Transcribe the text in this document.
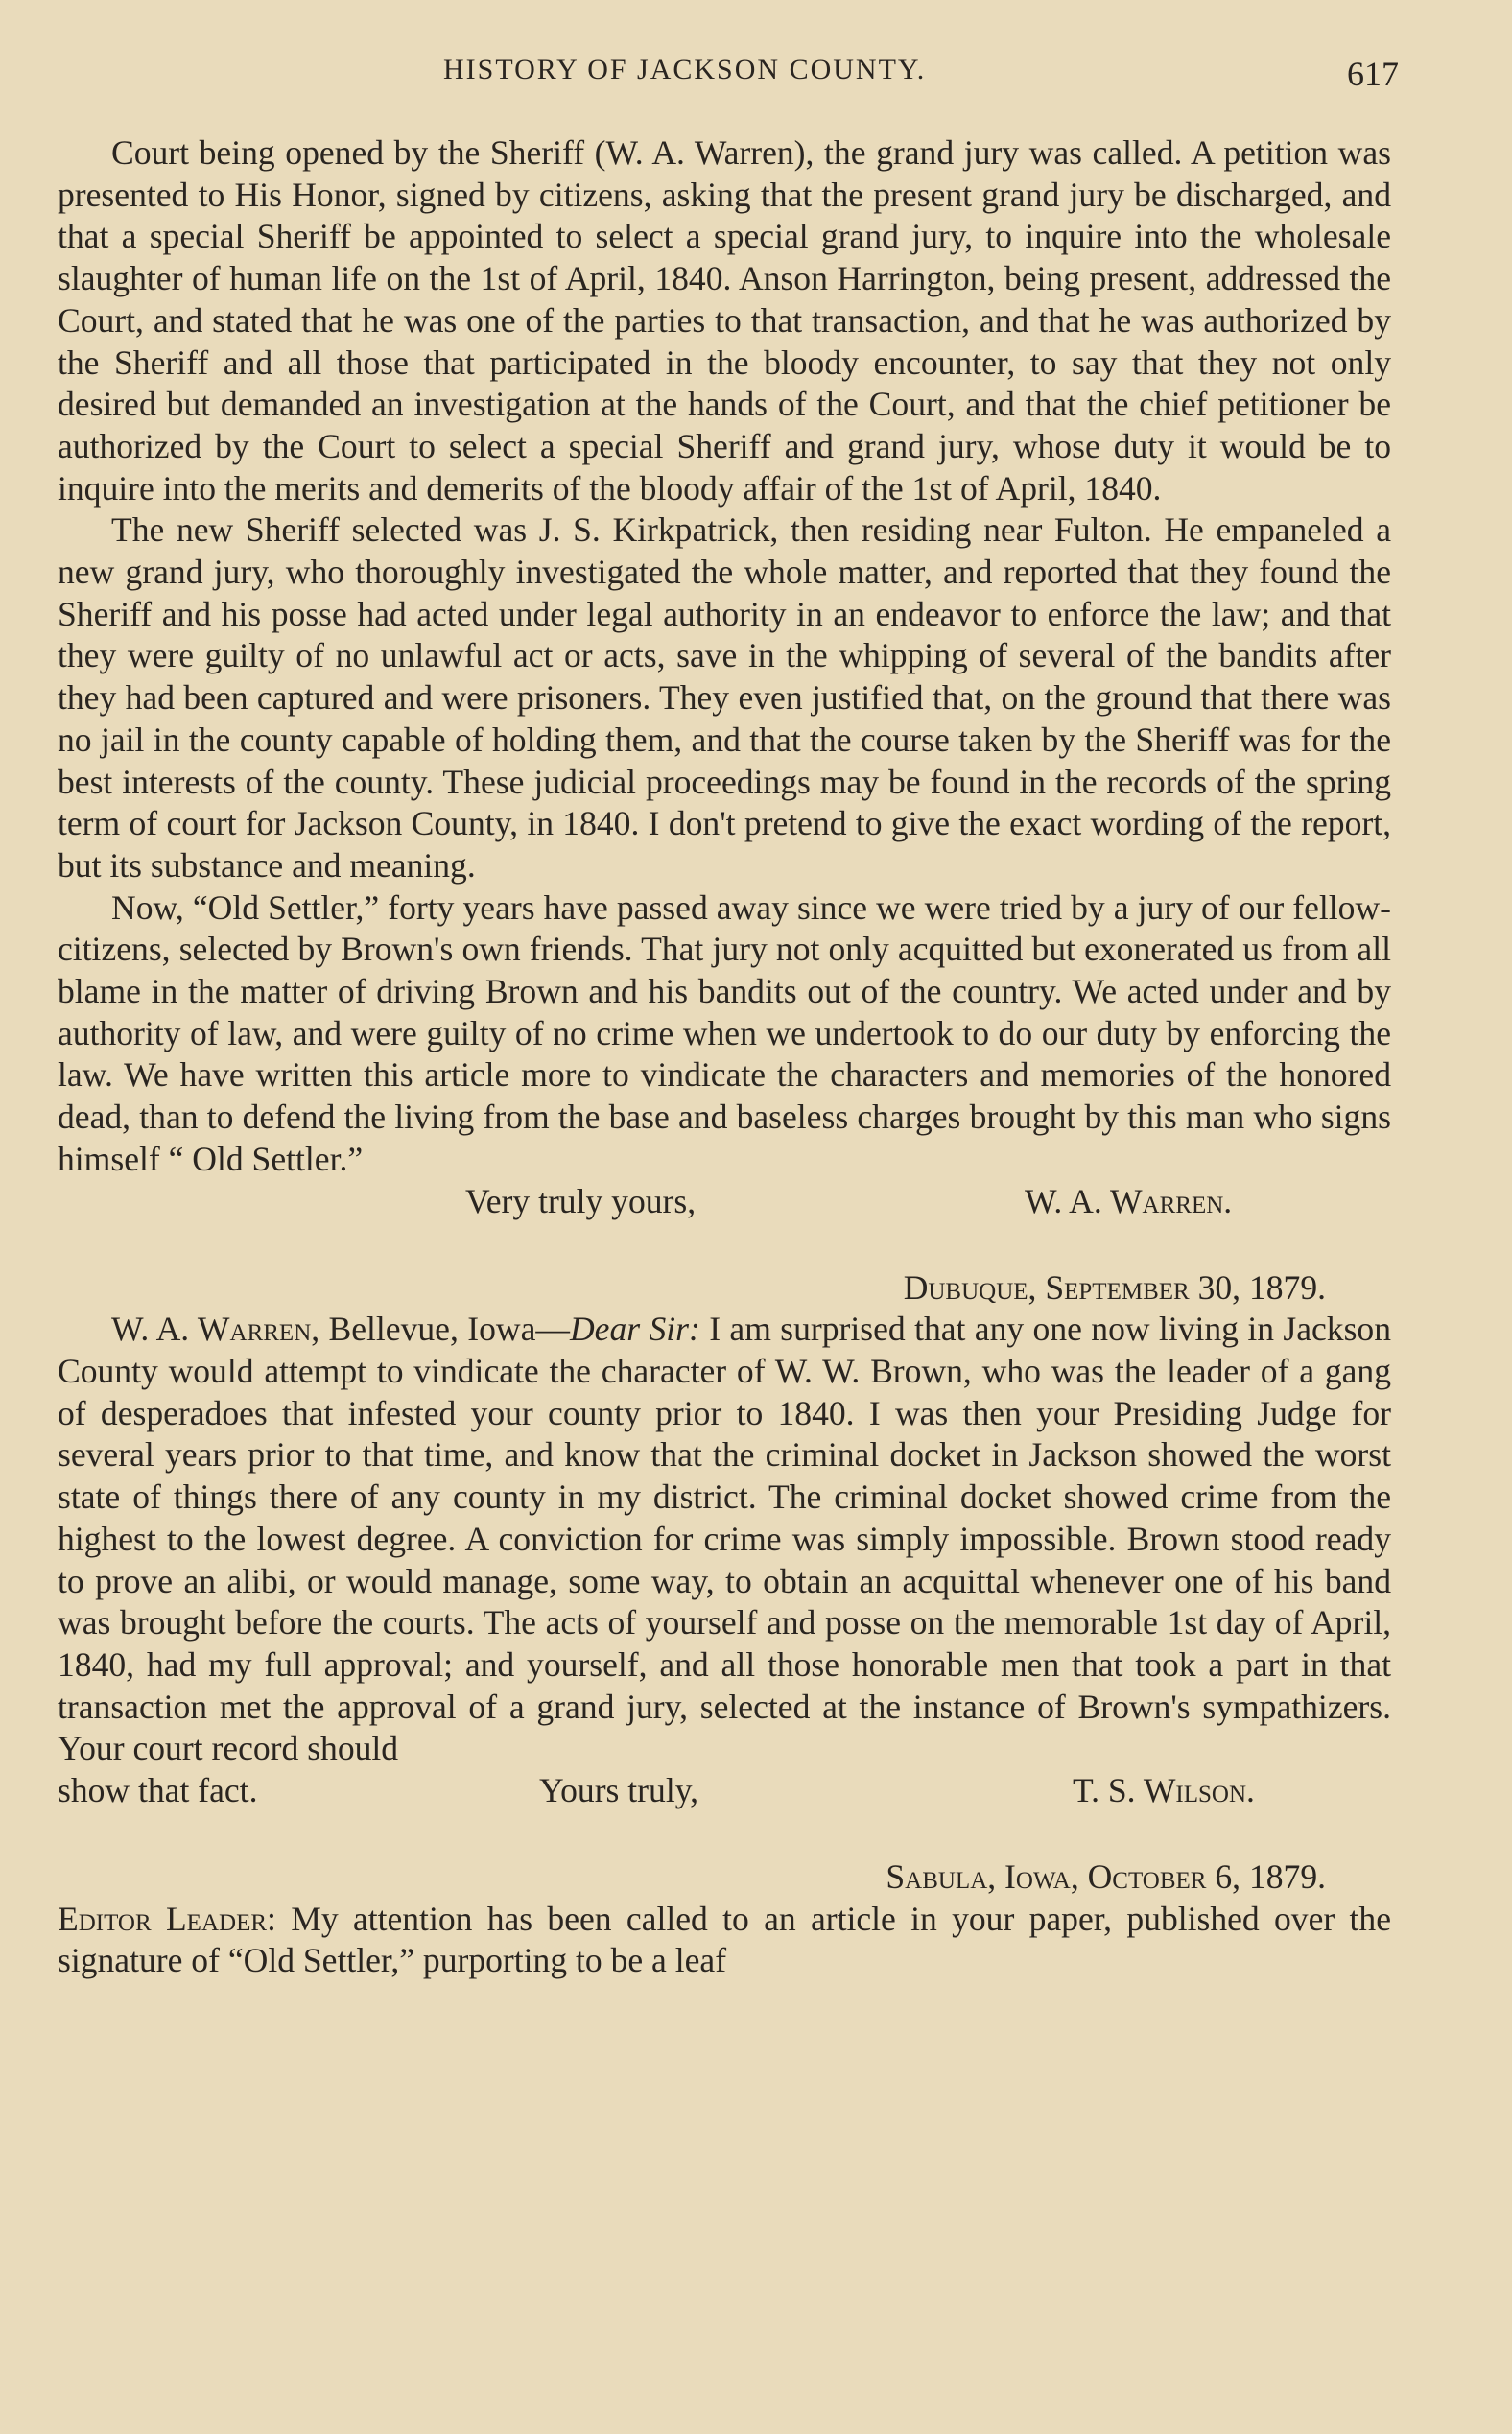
HISTORY OF JACKSON COUNTY.	617

Court being opened by the Sheriff (W. A. Warren), the grand jury was called. A petition was presented to His Honor, signed by citizens, asking that the present grand jury be discharged, and that a special Sheriff be appointed to select a special grand jury, to inquire into the wholesale slaughter of human life on the 1st of April, 1840. Anson Harrington, being present, addressed the Court, and stated that he was one of the parties to that transaction, and that he was authorized by the Sheriff and all those that participated in the bloody encounter, to say that they not only desired but demanded an investigation at the hands of the Court, and that the chief petitioner be authorized by the Court to select a special Sheriff and grand jury, whose duty it would be to inquire into the merits and demerits of the bloody affair of the 1st of April, 1840.

The new Sheriff selected was J. S. Kirkpatrick, then residing near Fulton. He empaneled a new grand jury, who thoroughly investigated the whole matter, and reported that they found the Sheriff and his posse had acted under legal authority in an endeavor to enforce the law; and that they were guilty of no unlawful act or acts, save in the whipping of several of the bandits after they had been captured and were prisoners. They even justified that, on the ground that there was no jail in the county capable of holding them, and that the course taken by the Sheriff was for the best interests of the county. These judicial proceedings may be found in the records of the spring term of court for Jackson County, in 1840. I don't pretend to give the exact wording of the report, but its substance and meaning.

Now, “Old Settler,” forty years have passed away since we were tried by a jury of our fellow-citizens, selected by Brown's own friends. That jury not only acquitted but exonerated us from all blame in the matter of driving Brown and his bandits out of the country. We acted under and by authority of law, and were guilty of no crime when we undertook to do our duty by enforcing the law. We have written this article more to vindicate the characters and memories of the honored dead, than to defend the living from the base and baseless charges brought by this man who signs himself “ Old Settler.”

Very truly yours,	W. A. Warren.
Dubuque, September 30, 1879.

W. A. Warren, Bellevue, Iowa—Dear Sir: I am surprised that any one now living in Jackson County would attempt to vindicate the character of W. W. Brown, who was the leader of a gang of desperadoes that infested your county prior to 1840. I was then your Presiding Judge for several years prior to that time, and know that the criminal docket in Jackson showed the worst state of things there of any county in my district. The criminal docket showed crime from the highest to the lowest degree. A conviction for crime was simply impossible. Brown stood ready to prove an alibi, or would manage, some way, to obtain an acquittal whenever one of his band was brought before the courts. The acts of yourself and posse on the memorable 1st day of April, 1840, had my full approval; and yourself, and all those honorable men that took a part in that transaction met the approval of a grand jury, selected at the instance of Brown's sympathizers. Your court record should

show that fact.	Yours truly,	T. S. Wilson.
Sabula, Iowa, October 6, 1879.

Editor Leader: My attention has been called to an article in your paper, published over the signature of “Old Settler,” purporting to be a leaf
